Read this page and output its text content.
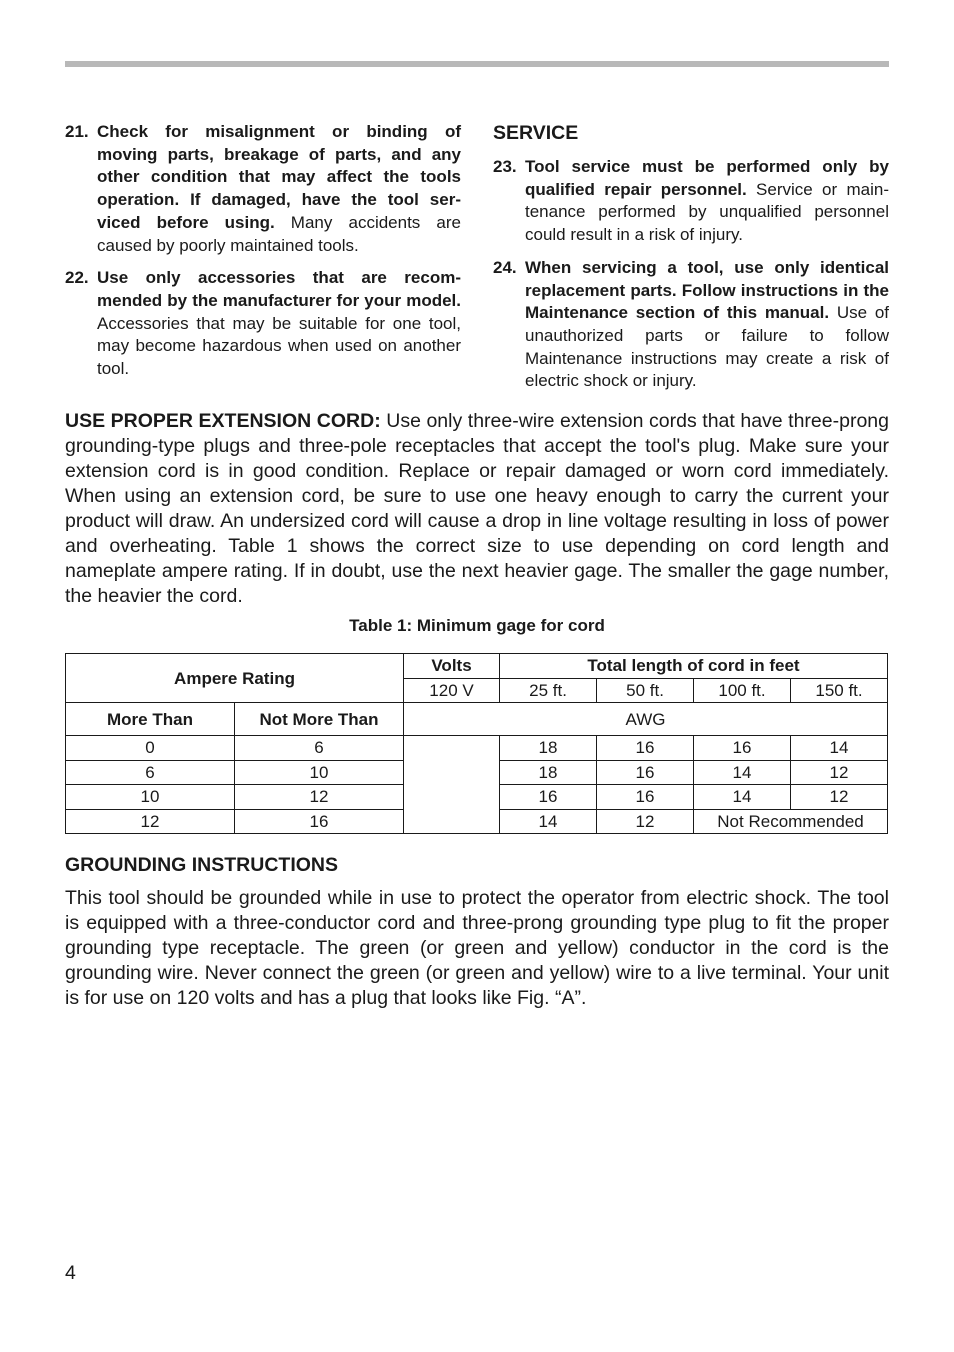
21. Check for misalignment or binding of moving parts, breakage of parts, and any other condition that may affect the tools operation. If damaged, have the tool ser-viced before using. Many accidents are caused by poorly maintained tools.
22. Use only accessories that are recom-mended by the manufacturer for your model. Accessories that may be suitable for one tool, may become hazardous when used on another tool.
SERVICE
23. Tool service must be performed only by qualified repair personnel. Service or main-tenance performed by unqualified personnel could result in a risk of injury.
24. When servicing a tool, use only identical replacement parts. Follow instructions in the Maintenance section of this manual. Use of unauthorized parts or failure to follow Maintenance instructions may create a risk of electric shock or injury.
USE PROPER EXTENSION CORD: Use only three-wire extension cords that have three-prong grounding-type plugs and three-pole receptacles that accept the tool's plug. Make sure your extension cord is in good condition. Replace or repair damaged or worn cord immediately. When using an extension cord, be sure to use one heavy enough to carry the current your product will draw. An undersized cord will cause a drop in line voltage resulting in loss of power and overheating. Table 1 shows the correct size to use depending on cord length and nameplate ampere rating. If in doubt, use the next heavier gage. The smaller the gage number, the heavier the cord.
Table 1: Minimum gage for cord
Ampere Rating		Volts	Total length of cord in feet			
		120 V	25 ft.	50 ft.	100 ft.	150 ft.
More Than	Not More Than	AWG				
0	6		18	16	16	14
6	10		18	16	14	12
10	12		16	16	14	12
12	16		14	12	Not Recommended	
GROUNDING INSTRUCTIONS
This tool should be grounded while in use to protect the operator from electric shock. The tool is equipped with a three-conductor cord and three-prong grounding type plug to fit the proper grounding type receptacle. The green (or green and yellow) conductor in the cord is the grounding wire. Never connect the green (or green and yellow) wire to a live terminal. Your unit is for use on 120 volts and has a plug that looks like Fig. “A”.
4
